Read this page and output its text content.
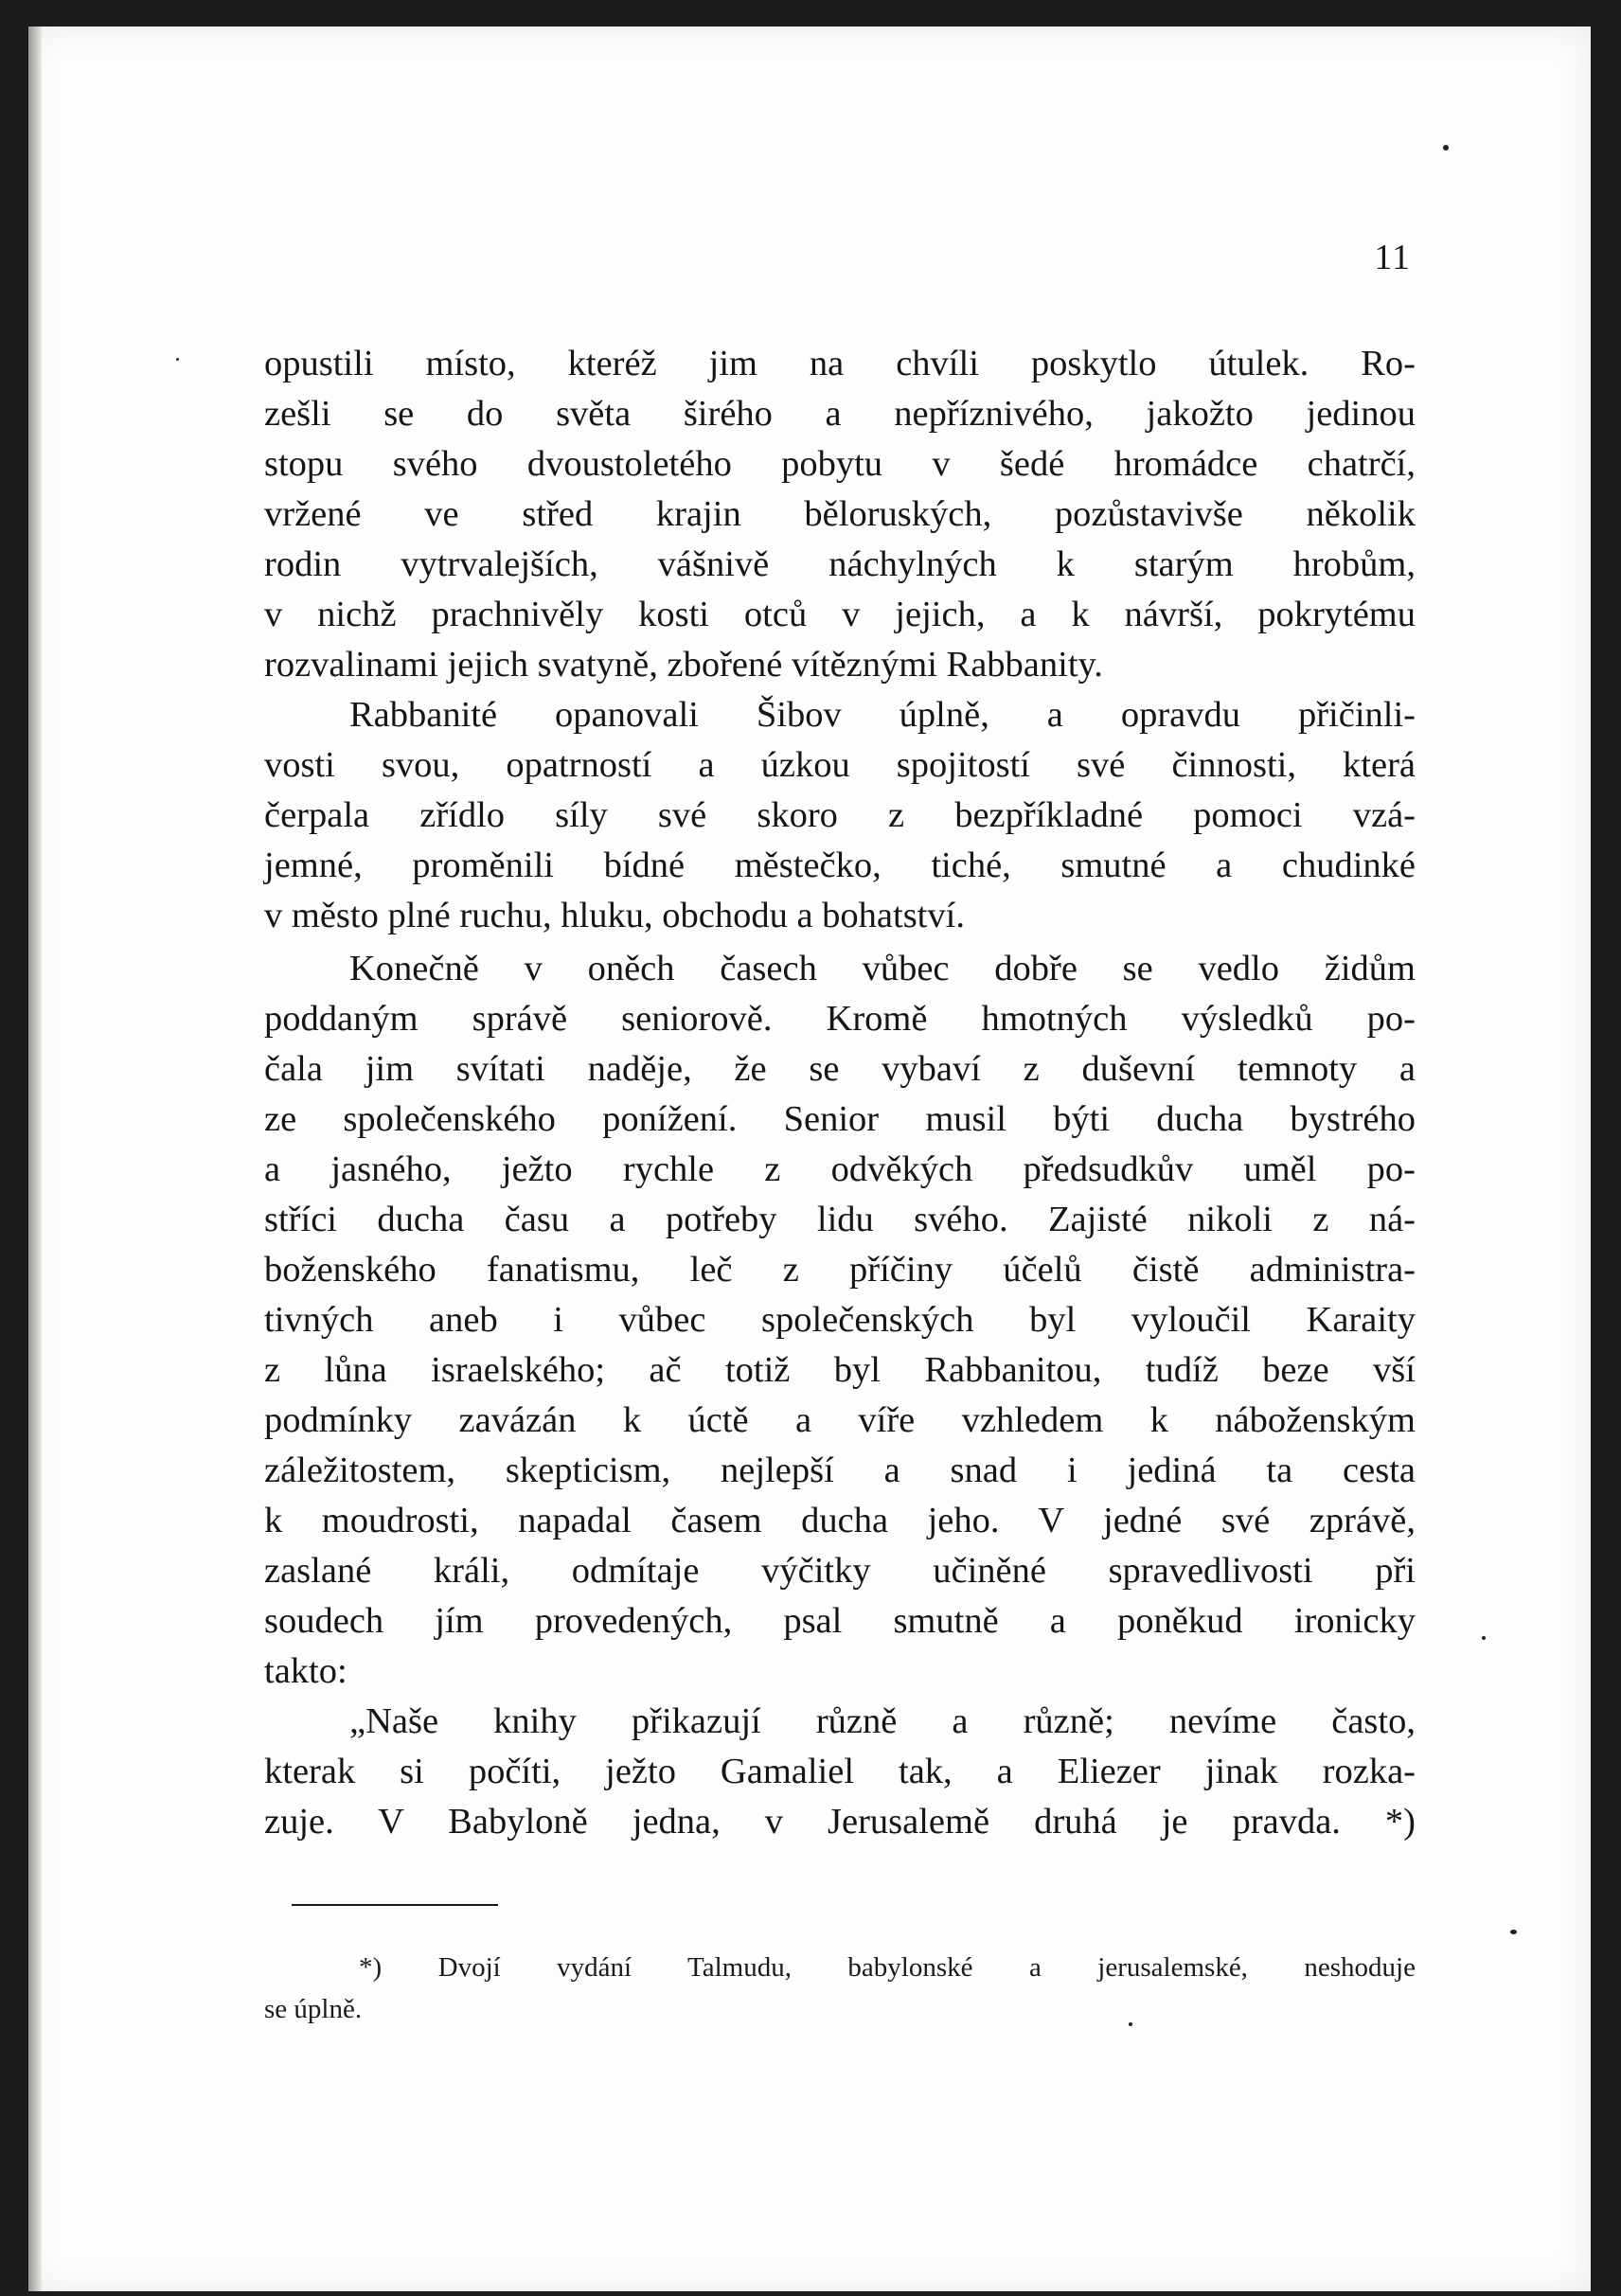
11
opustili místo, kteréž jim na chvíli poskytlo útulek. Ro-
zešli se do světa širého a nepříznivého, jakožto jedinou
stopu svého dvoustoletého pobytu v šedé hromádce chatrčí,
vržené ve střed krajin běloruských, pozůstavivše několik
rodin vytrvalejších, vášnivě náchylných k starým hrobům,
v nichž prachnivěly kosti otců v jejich, a k návrší, pokrytému
rozvalinami jejich svatyně, zbořené vítěznými Rabbanity.
Rabbanité opanovali Šibov úplně, a opravdu přičinli-
vosti svou, opatrností a úzkou spojitostí své činnosti, která
čerpala zřídlo síly své skoro z bezpříkladné pomoci vzá-
jemné, proměnili bídné městečko, tiché, smutné a chudinké
v město plné ruchu, hluku, obchodu a bohatství.
Konečně v oněch časech vůbec dobře se vedlo židům
poddaným správě seniorově. Kromě hmotných výsledků po-
čala jim svítati naděje, že se vybaví z duševní temnoty a
ze společenského ponížení. Senior musil býti ducha bystrého
a jasného, ježto rychle z odvěkých předsudkův uměl po-
stříci ducha času a potřeby lidu svého. Zajisté nikoli z ná-
boženského fanatismu, leč z příčiny účelů čistě administra-
tivných aneb i vůbec společenských byl vyloučil Karaity
z lůna israelského; ač totiž byl Rabbanitou, tudíž beze vší
podmínky zavázán k úctě a víře vzhledem k náboženským
záležitostem, skepticism, nejlepší a snad i jediná ta cesta
k moudrosti, napadal časem ducha jeho. V jedné své zprávě,
zaslané králi, odmítaje výčitky učiněné spravedlivosti při
soudech jím provedených, psal smutně a poněkud ironicky
takto:
„Naše knihy přikazují různě a různě; nevíme často,
kterak si počíti, ježto Gamaliel tak, a Eliezer jinak rozka-
zuje. V Babyloně jedna, v Jerusalemě druhá je pravda. *)
*) Dvojí vydání Talmudu, babylonské a jerusalemské, neshoduje
se úplně.
